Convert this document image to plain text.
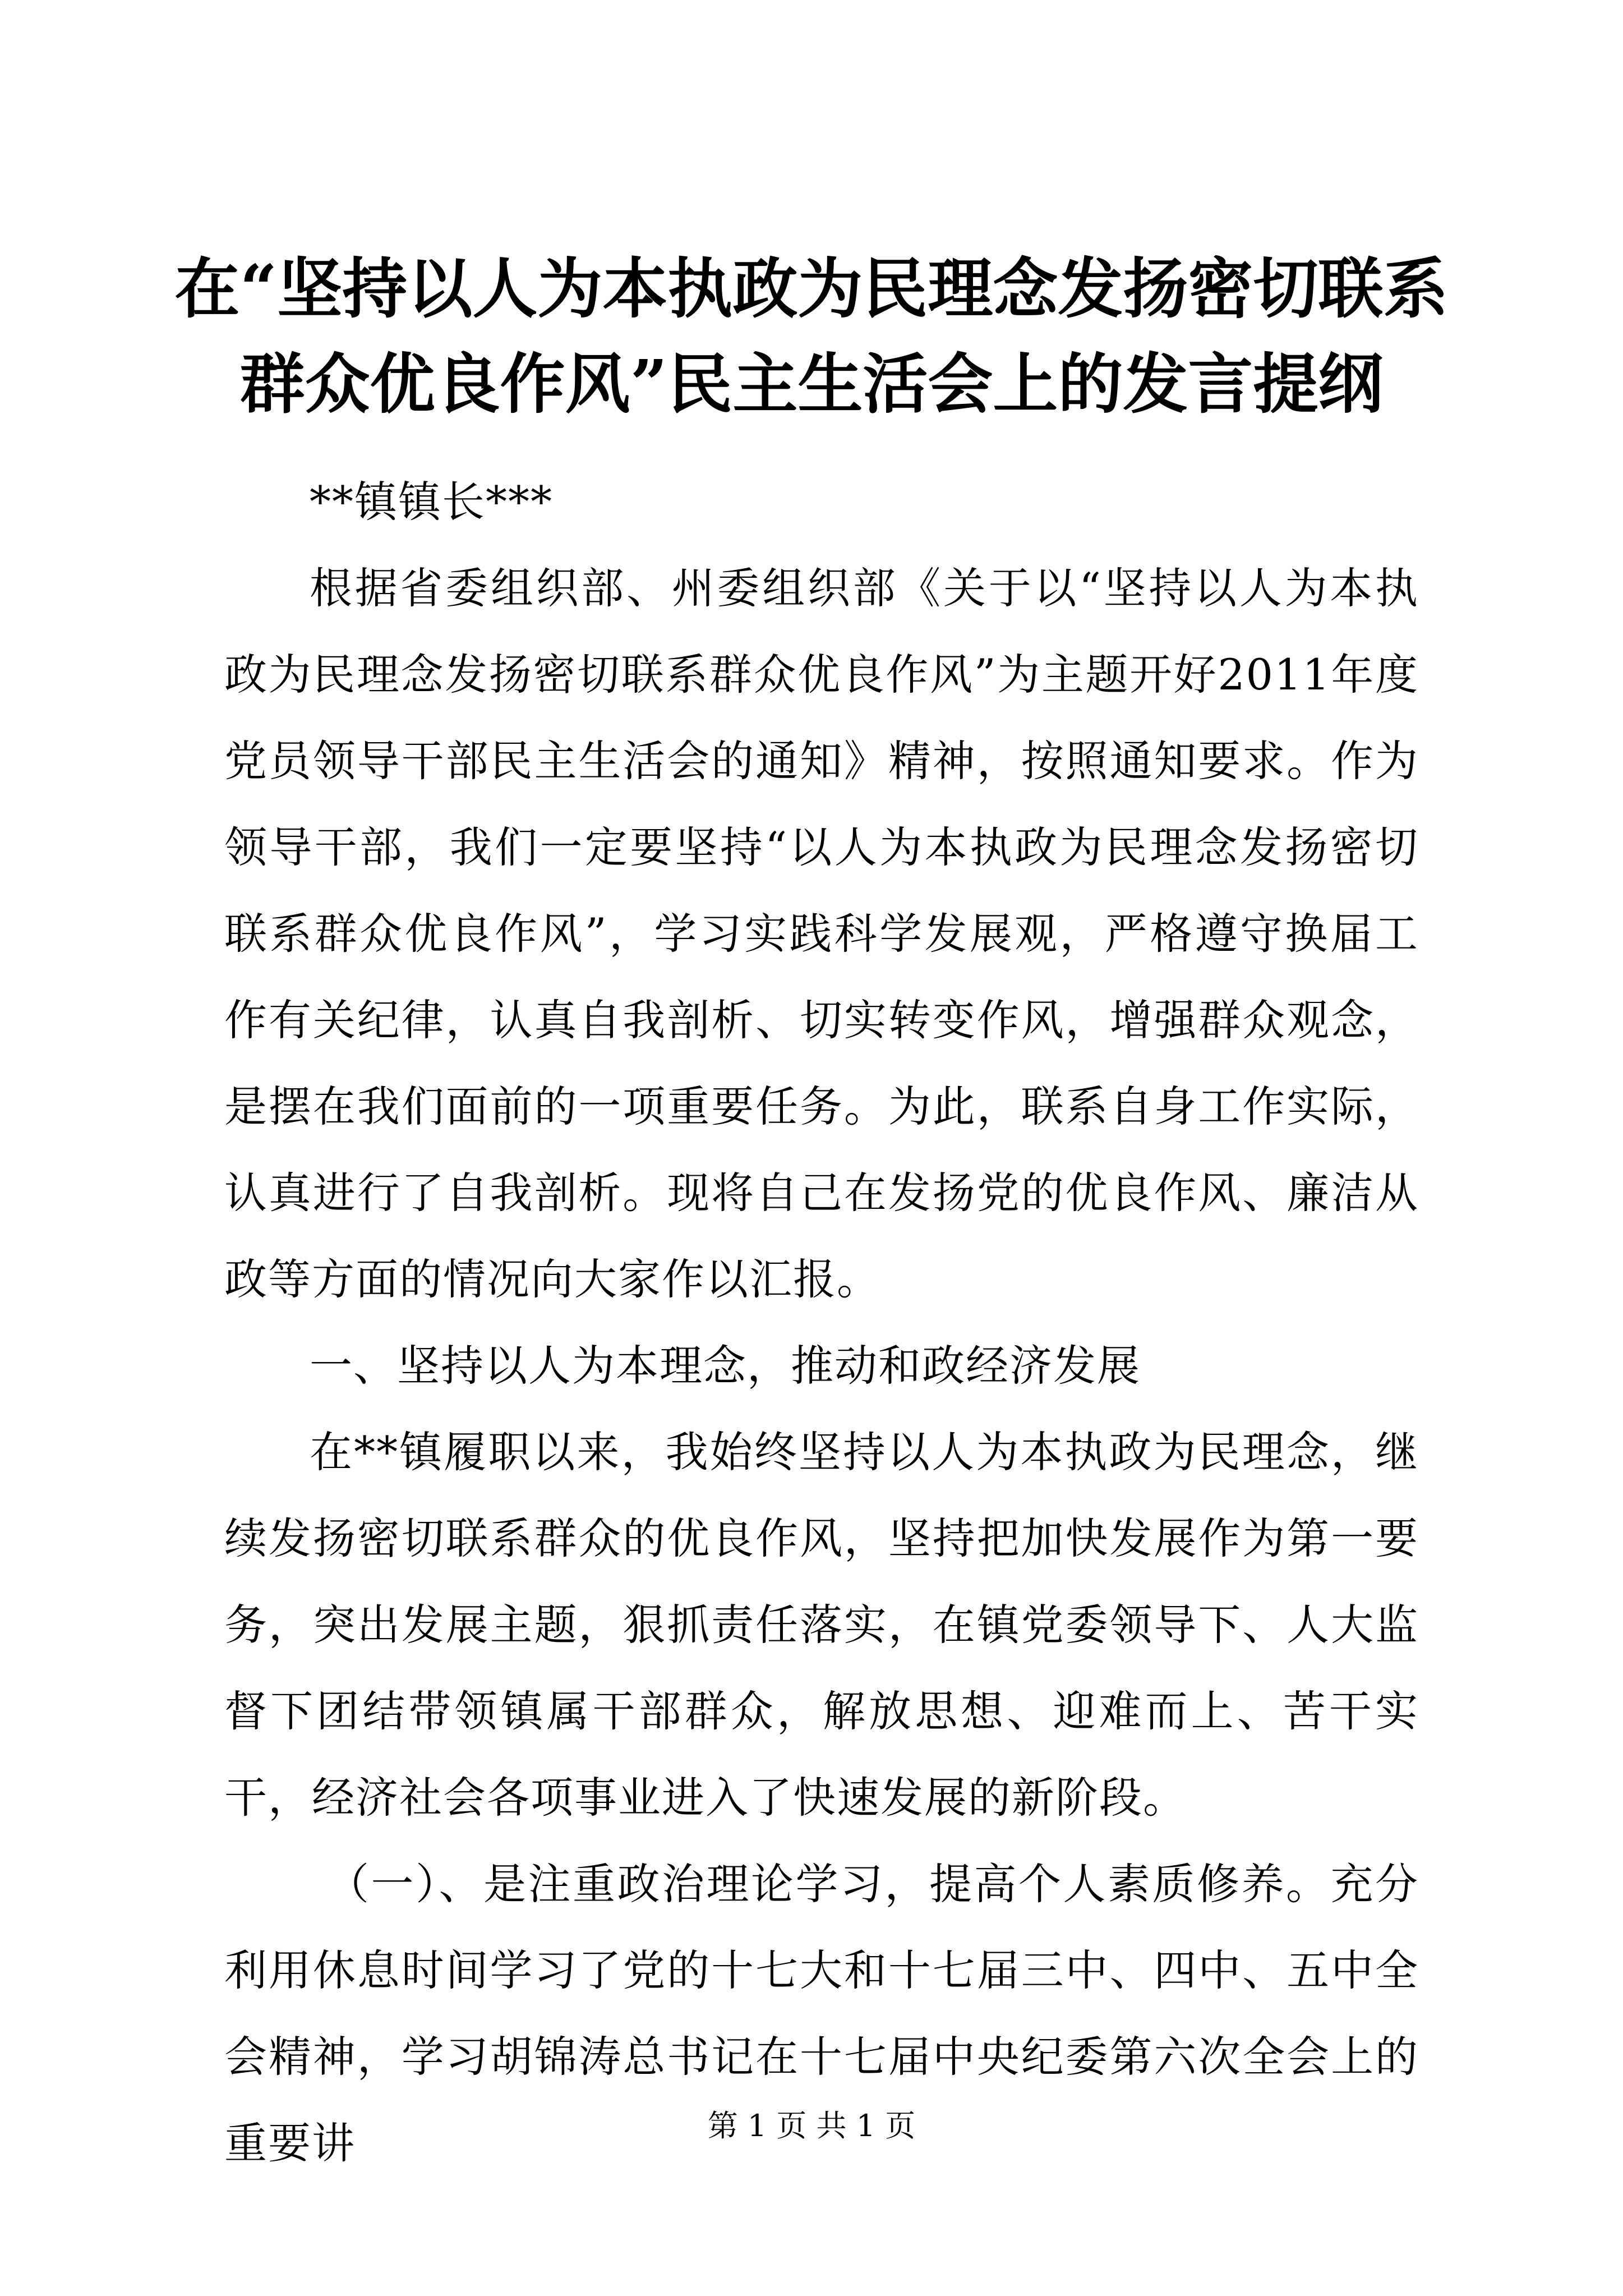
在“坚持以人为本执政为民理念发扬密切联系
群众优良作风”民主生活会上的发言提纲

**镇镇长***

根据省委组织部、州委组织部《关于以“坚持以人为本执政为民理念发扬密切联系群众优良作风”为主题开好2011年度党员领导干部民主生活会的通知》精神，按照通知要求。作为领导干部，我们一定要坚持“以人为本执政为民理念发扬密切联系群众优良作风”，学习实践科学发展观，严格遵守换届工作有关纪律，认真自我剖析、切实转变作风，增强群众观念，是摆在我们面前的一项重要任务。为此，联系自身工作实际，认真进行了自我剖析。现将自己在发扬党的优良作风、廉洁从政等方面的情况向大家作以汇报。

一、坚持以人为本理念，推动和政经济发展

在**镇履职以来，我始终坚持以人为本执政为民理念，继续发扬密切联系群众的优良作风，坚持把加快发展作为第一要务，突出发展主题，狠抓责任落实，在镇党委领导下、人大监督下团结带领镇属干部群众，解放思想、迎难而上、苦干实干，经济社会各项事业进入了快速发展的新阶段。

（一）、是注重政治理论学习，提高个人素质修养。充分利用休息时间学习了党的十七大和十七届三中、四中、五中全会精神，学习胡锦涛总书记在十七届中央纪委第六次全会上的重要讲	第 1 页 共 1 页
